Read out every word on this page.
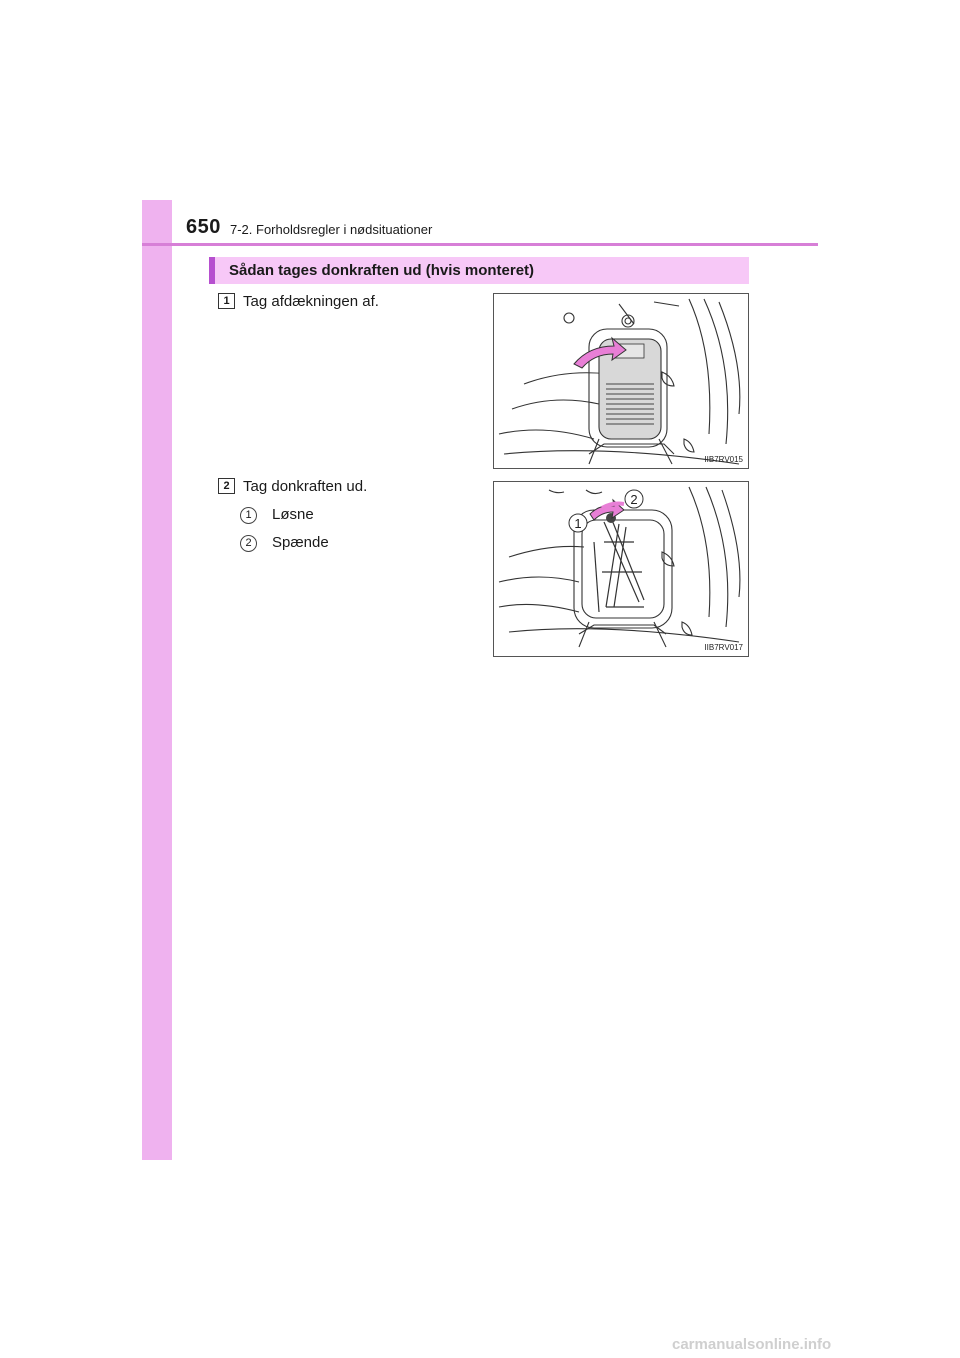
650 7-2. Forholdsregler i nødsituationer
Sådan tages donkraften ud (hvis monteret)
1 Tag afdækningen af.
IIB7RV015
2 Tag donkraften ud.
1	Løsne
2	Spænde
1
2
IIB7RV017
carmanualsonline.info
